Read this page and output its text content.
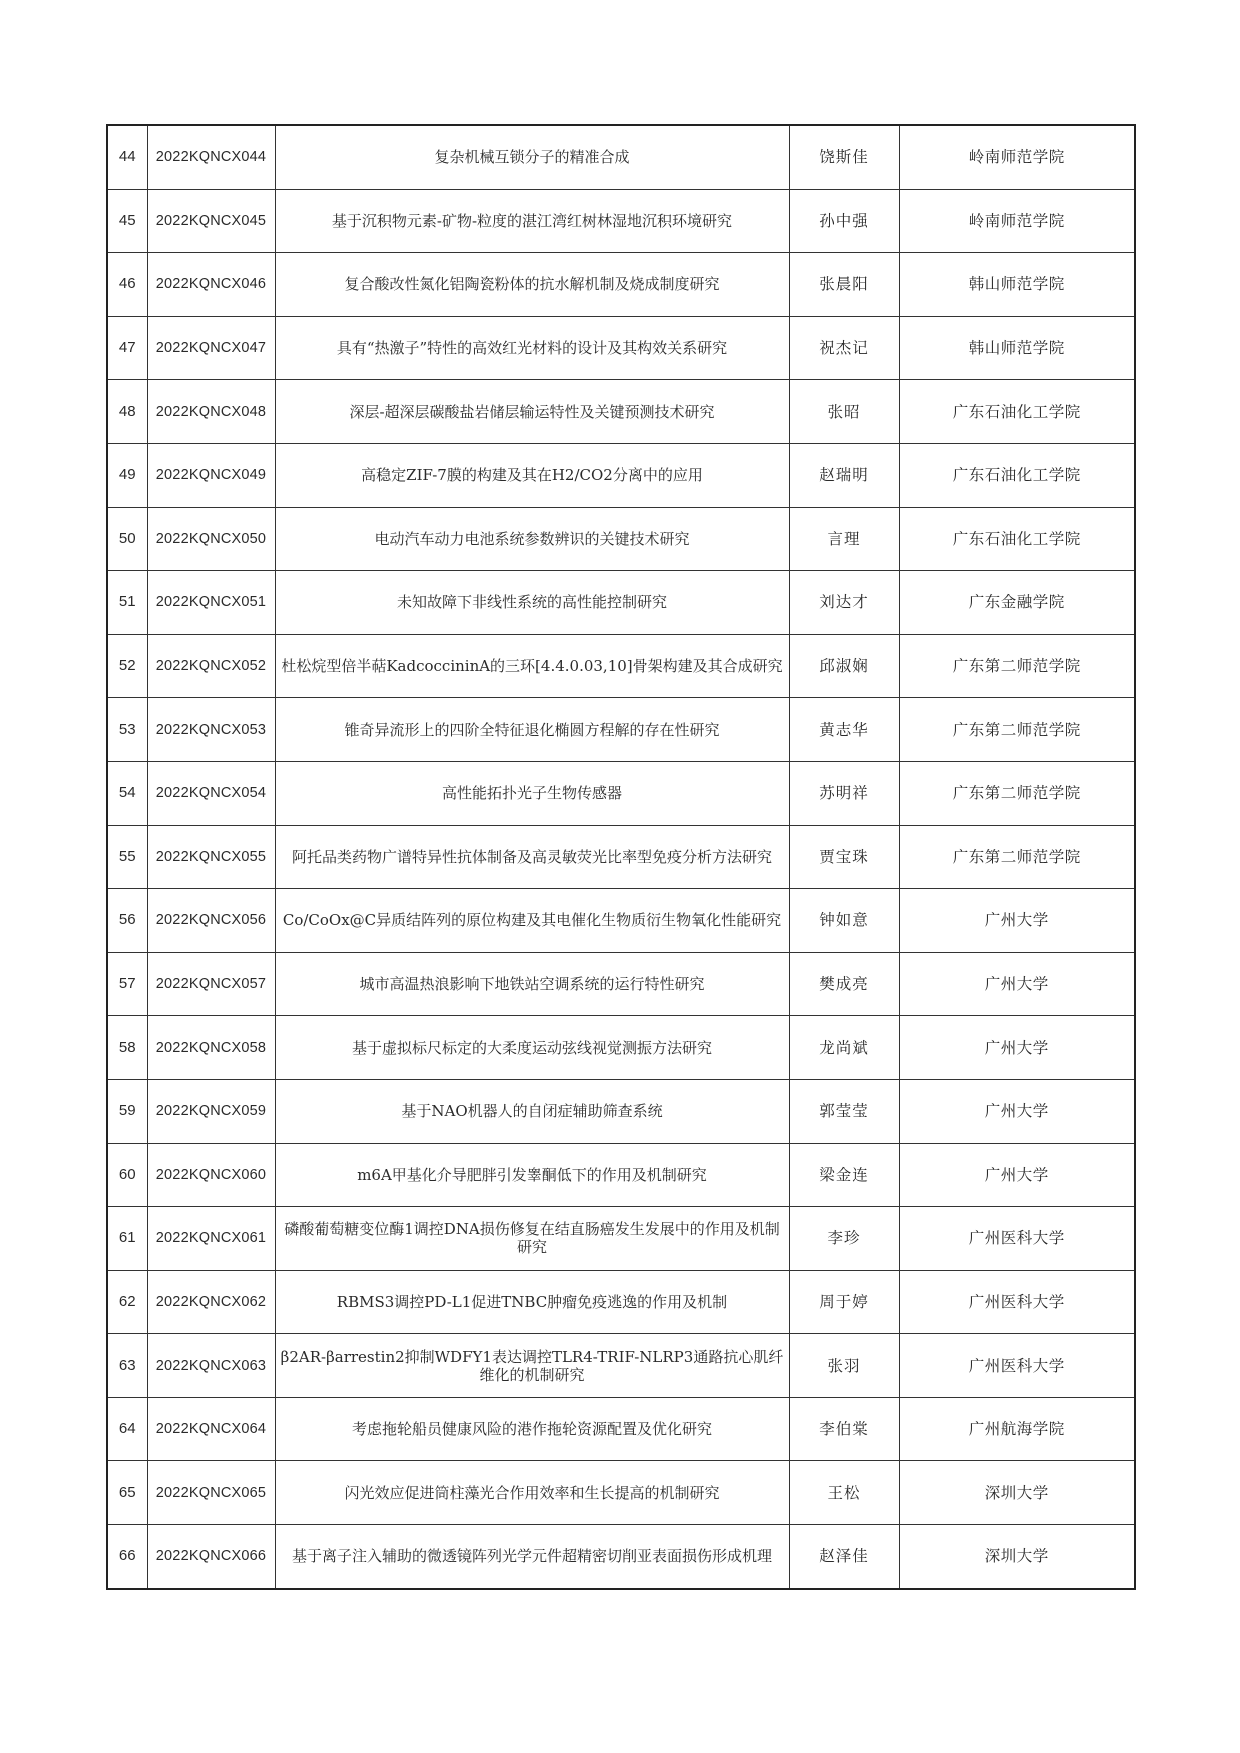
44	2022KQNCX044	复杂机械互锁分子的精准合成	饶斯佳	岭南师范学院
45	2022KQNCX045	基于沉积物元素-矿物-粒度的湛江湾红树林湿地沉积环境研究	孙中强	岭南师范学院
46	2022KQNCX046	复合酸改性氮化铝陶瓷粉体的抗水解机制及烧成制度研究	张晨阳	韩山师范学院
47	2022KQNCX047	具有“热激子”特性的高效红光材料的设计及其构效关系研究	祝杰记	韩山师范学院
48	2022KQNCX048	深层-超深层碳酸盐岩储层输运特性及关键预测技术研究	张昭	广东石油化工学院
49	2022KQNCX049	高稳定ZIF-7膜的构建及其在H2/CO2分离中的应用	赵瑞明	广东石油化工学院
50	2022KQNCX050	电动汽车动力电池系统参数辨识的关键技术研究	言理	广东石油化工学院
51	2022KQNCX051	未知故障下非线性系统的高性能控制研究	刘达才	广东金融学院
52	2022KQNCX052	杜松烷型倍半萜KadcoccininA的三环[4.4.0.03,10]骨架构建及其合成研究	邱淑娴	广东第二师范学院
53	2022KQNCX053	锥奇异流形上的四阶全特征退化椭圆方程解的存在性研究	黄志华	广东第二师范学院
54	2022KQNCX054	高性能拓扑光子生物传感器	苏明祥	广东第二师范学院
55	2022KQNCX055	阿托品类药物广谱特异性抗体制备及高灵敏荧光比率型免疫分析方法研究	贾宝珠	广东第二师范学院
56	2022KQNCX056	Co/CoOx@C异质结阵列的原位构建及其电催化生物质衍生物氧化性能研究	钟如意	广州大学
57	2022KQNCX057	城市高温热浪影响下地铁站空调系统的运行特性研究	樊成亮	广州大学
58	2022KQNCX058	基于虚拟标尺标定的大柔度运动弦线视觉测振方法研究	龙尚斌	广州大学
59	2022KQNCX059	基于NAO机器人的自闭症辅助筛查系统	郭莹莹	广州大学
60	2022KQNCX060	m6A甲基化介导肥胖引发睾酮低下的作用及机制研究	梁金连	广州大学
61	2022KQNCX061	磷酸葡萄糖变位酶1调控DNA损伤修复在结直肠癌发生发展中的作用及机制研究	李珍	广州医科大学
62	2022KQNCX062	RBMS3调控PD-L1促进TNBC肿瘤免疫逃逸的作用及机制	周于婷	广州医科大学
63	2022KQNCX063	β2AR-βarrestin2抑制WDFY1表达调控TLR4-TRIF-NLRP3通路抗心肌纤维化的机制研究	张羽	广州医科大学
64	2022KQNCX064	考虑拖轮船员健康风险的港作拖轮资源配置及优化研究	李伯棠	广州航海学院
65	2022KQNCX065	闪光效应促进筒柱藻光合作用效率和生长提高的机制研究	王松	深圳大学
66	2022KQNCX066	基于离子注入辅助的微透镜阵列光学元件超精密切削亚表面损伤形成机理	赵泽佳	深圳大学
